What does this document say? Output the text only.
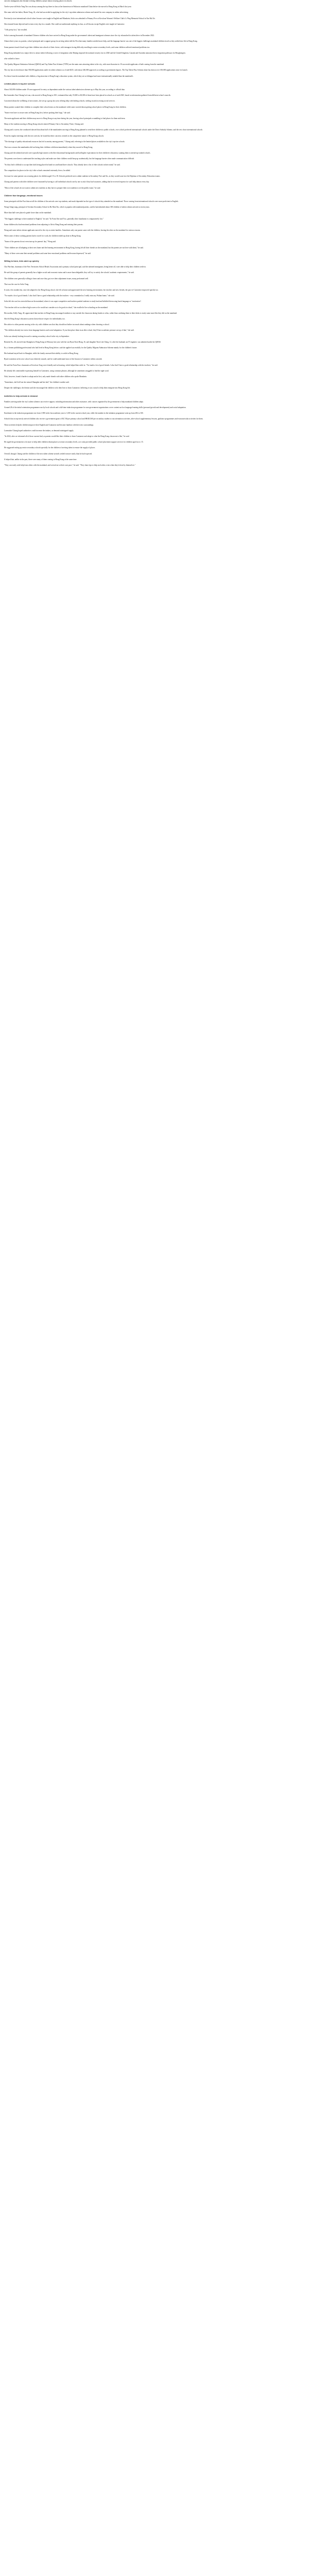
one new immigrants also hesitate to bring children, unsure about securing places in schools.

Twelve-year-old Sofia Tong Yin was always among the top three in class at her hometown in Wuhan in mainland China before she moved to Hong Kong in March last year.

She came with her father, Harrie Tong, 42, who had succeeded in applying for the city's top talent admission scheme and started his own company in online advertising.

Previously at an international school where lessons were taught in English and Mandarin, Sofia was admitted to Primary Five at Kowloon Women's Welfare Club's Li Ping Memorial School in Yau Ma Tei.

She returned home dejected and in tears every day for a month. She could not understand anything in class, as all lessons except English were taught in Cantonese.

"I felt pretty lost," she recalled.

Sofia is among thousands of mainland Chinese children who have arrived in Hong Kong under the government's talent and immigrant schemes since the city relaunched its talent drive in December 2022.

Almost three years on, parents, school principals and a support group for arriving talent told the Post that many families needed more help, and the language barrier was one of the biggest challenges mainland children faced as they settled into life in Hong Kong.

Some parents found it hard to get their children into schools of their choice, with teenagers facing difficulty enrolling in senior secondary levels, and some children suffered emotional problems too.

Hong Kong embarked on a major drive to attract talent following a wave of emigration after Beijing imposed the national security law in 2020 and the United Kingdom, Canada and Australia announced new migration pathways for Hongkongers.

who wished to leave.

The Quality Migrant Admission Scheme (QMAS) and Top Talent Pass Scheme (TTPS) are the main ones attracting talent to the city, with more than nine in 10 successful applicants of both coming from the mainland.

The city has received more than 550,000 applications under its talent schemes as of mid-2025, with about 340,000 approved, according to government figures. The Top Talent Pass Scheme alone has drawn over 100,000 applications since its launch.

For those from the mainland with children, a big attraction is Hong Kong's education system, which they see as bilingual and more internationally minded than the mainland's.

Limited places in top-tier schools

About 140,000 children under 18 were approved for entry as dependants under the various talent admission schemes up to May this year, according to official data.

But lawmaker Ann Chiang Lai-wan, who moved to Hong Kong in 2011, estimated that only 55,000 to 60,000 of them have been placed in schools as of mid-2025, based on information gathered from different school councils.

Concerned about the wellbeing of newcomers, she set up a group last year offering help with finding schools, settling in and accessing social services.

Many parents wanted their children to complete their school terms on the mainland, while some worried about getting school places in Hong Kong for their children.

"Some even have to secure seats in Hong Kong first, before packing their bags," she said.

The main applicants and their children may move to Hong Kong at any time during the year, leaving school principals scrambling to find places for them mid-term.

Many of the students moving to Hong Kong schools entered Primary One to Secondary Three, Chiang said.

Chiang said a survey she conducted showed that about half of the mainlanders moving to Hong Kong planned to send their children to public schools, over a third preferred international schools under the Direct Subsidy Scheme, and the rest chose international schools.

From his regular meetings with the new arrivals, he found that their concerns centred on the competitive nature of Hong Kong schools.

"The shortage of quality educational resources has led to anxiety among parents," Chiang said, referring to the limited places available in the city's top-tier schools.

That was a reason the mainlanders did not bring their children with them immediately when they moved to Hong Kong.

Chiang said the talented arrivals were typically high earners with elite educational backgrounds and had higher expectations for their children's education, wanting them to attend top-ranked schools.

The parents were keen to understand the teaching styles and make sure their children would keep up academically, but the language barrier often made communication difficult.

"So they find it difficult to accept their kids being placed in band two and band three schools. They already have a list of elite schools in their mind," he said.

The competition for places in the city's elite schools remained extremely fierce, he added.

An issue for some parents was securing places for children aged 15 to 18. Schools preferred not to admit students in Secondary Five and Six, as they would soon face the Diploma of Secondary Education exams.

Chiang said parents with older children were frustrated by having to call individual schools one by one to ask if they had vacancies, adding that he received requests for such help almost every day.

"Most of the schools do not want to admit new students as they have to prepare their own students to sit the public exam," he said.

Children face language, emotional issues

Some principals told the Post that not all the children of the arrivals were top students, and much depended on the type of schools they attended on the mainland. Those coming from international schools were more proficient in English.

Wong Ching-sung, principal of Scientia Secondary School in Ho Man Tin, which is popular with mainland parents, said he had admitted about 300 children of talent scheme arrivals in recent years.

More than half were placed a grade lower than on the mainland.

"The biggest challenge is their standard of English," he said. "In Form One and Two, generally their foundation is comparatively low."

Some children also had emotional problems from adjusting to life in Hong Kong and missing their parents.

Wong said some talent scheme applicants moved to the city as entire families. Sometimes only one parent came with the children, leaving the other on the mainland for various reasons.

When some of these working parents had to travel for work, the children ended up alone in Hong Kong.

"Some of the parents do not even turn up for parents' day," Wong said.

"Their children are all adapting to their new home and the learning environment in Hong Kong, having left all their friends on the mainland, but the parents are not here with them," he said.

"Many of these overcome their mental problems and some have emotional problems and become depressed," he said.

Willing to learn, kids catch up quickly

Chu Wai-lam, chairman of the New Territories School Heads Association and a primary school principal, said the talented immigrants, being better off, were able to help their children settle in.

He said this group of parents generally has a higher social and economic status and is more knowledgeable, they will try to satisfy the schools' academic requirements," he said.

The children were generally willing to learn and once they got over their adjustment issues, many performed well.

That was the case for Sofia Tong.

It took a few months but, once she adapted to her Hong Kong school, she felt at home and appreciated the new learning environment, her teachers and new friends, the pace of Cantonese improved quickly too.

"I've made a lot of good friends. I also find I have a good relationship with the teachers - very committed as I really miss my Wuhan home," she said.

Sofia felt she was less stressful than on the mainland, where it was super-competitive and teachers pushed students to study hard and belittled them using harsh language as "motivation".

"Our teacher told us to achieve high scores or he would not consider us to be good at school," she recalled of her schooling on the mainland.

Her mother, Kelly Tang, 40, appreciated that teachers in Hong Kong encouraged students to stay outside the classroom during breaks to relax, rather than confining them to their desks to study some more like they did on the mainland.

She felt Hong Kong's education system showed more respect for individuality too.

Her advice to other parents moving to the city with children was that they should not bother too much about rankings when choosing a school.

"The children already face stress from language barriers and social adaptation. If you then place them in an elite school, they'll have academic pressure on top of that," she said.

Sofia was already looking forward to starting secondary school in the city in September.

Bernette Ko, 46, moved from Shanghai to Hong Kong in February last year with her son Ryan Yuen Hong, 16, and daughter Yuen Lok Ching, 12, after her husband, an IT engineer, was admitted under the QMAS.

Ko, a former publishing professional who had lived in Hong Kong before, said she applied successfully for the Quality Migrant Admission Scheme mainly for the children's future.

Her husband stayed back in Shanghai, while the family assessed their ability to settle in Hong Kong.

Ryan's transition at his new school was relatively smooth, and he could understand most of the lessons in Cantonese within a month.

He said his Form Four classmates at Kowloon Tong were friendly and welcoming, which helped him settle in. "I've made a lot of good friends. I also find I have a good relationship with the teachers," he said.

He already felt comfortable expressing himself in Cantonese, using common phrases, although he sometimes struggled to find the right word.

Nick, however, found it harder to adapt and at first, only made friends with other children who spoke Mandarin.

"Sometimes, she'd tell me she missed Shanghai and her dad," the children's mother said.

Despite the challenges, the dentist said she encouraged the children to do their best to learn Cantonese, believing it was crucial to help them integrate into Hong Kong life.

Activities to help arrivals in demand

Families arriving under the city's talent schemes can receive support, including information and other assistance, with courses organised by the government to help mainland children adapt.

Around 28 of the initial orientation programmes run by local schools and a full-time induction programme for non-government organisations cover content such as language learning skills (personal growth and development) and social adaptation.

Enrolment in the induction programme rose from 1,980 in the last academic year to 3,100 in the current school year, while the number in the initiation programme went up from 282 to 350.

Schools that accept newly arrived children also receive a government grant of $3,740 per primary school and HK$5,560 per secondary student to run orientation activities, after-school supplementary lessons, guidance programmes and extracurricular activities for them.

These activities help the children improve their English and Cantonese and become familiar with their new surroundings.

Lawmaker Chiang hoped authorities could increase the intakes, as demand outstripped supply.

"In 2024, after we informed all of those current find, as parents would like their children to learn Cantonese and adapt to what the Hong Kong classroom is like," he said.

He urged the government to do more to help older children obtain places at senior secondary levels, as it only provided public school placement support services for children aged six to 15.

He suggested setting up senior secondary schools specially for the children of arriving talent to ensure the supply of places.

Overall, though, Chiang said the children of the new talent scheme arrivals settled in more easily than he had expected.

It helped that, unlike in the past, there were many of them coming to Hong Kong at the same time.

"They can easily seek help from others with the mainland, and several are at their own pace," he said. "They share tips to help each other, even when they're here by themselves."
